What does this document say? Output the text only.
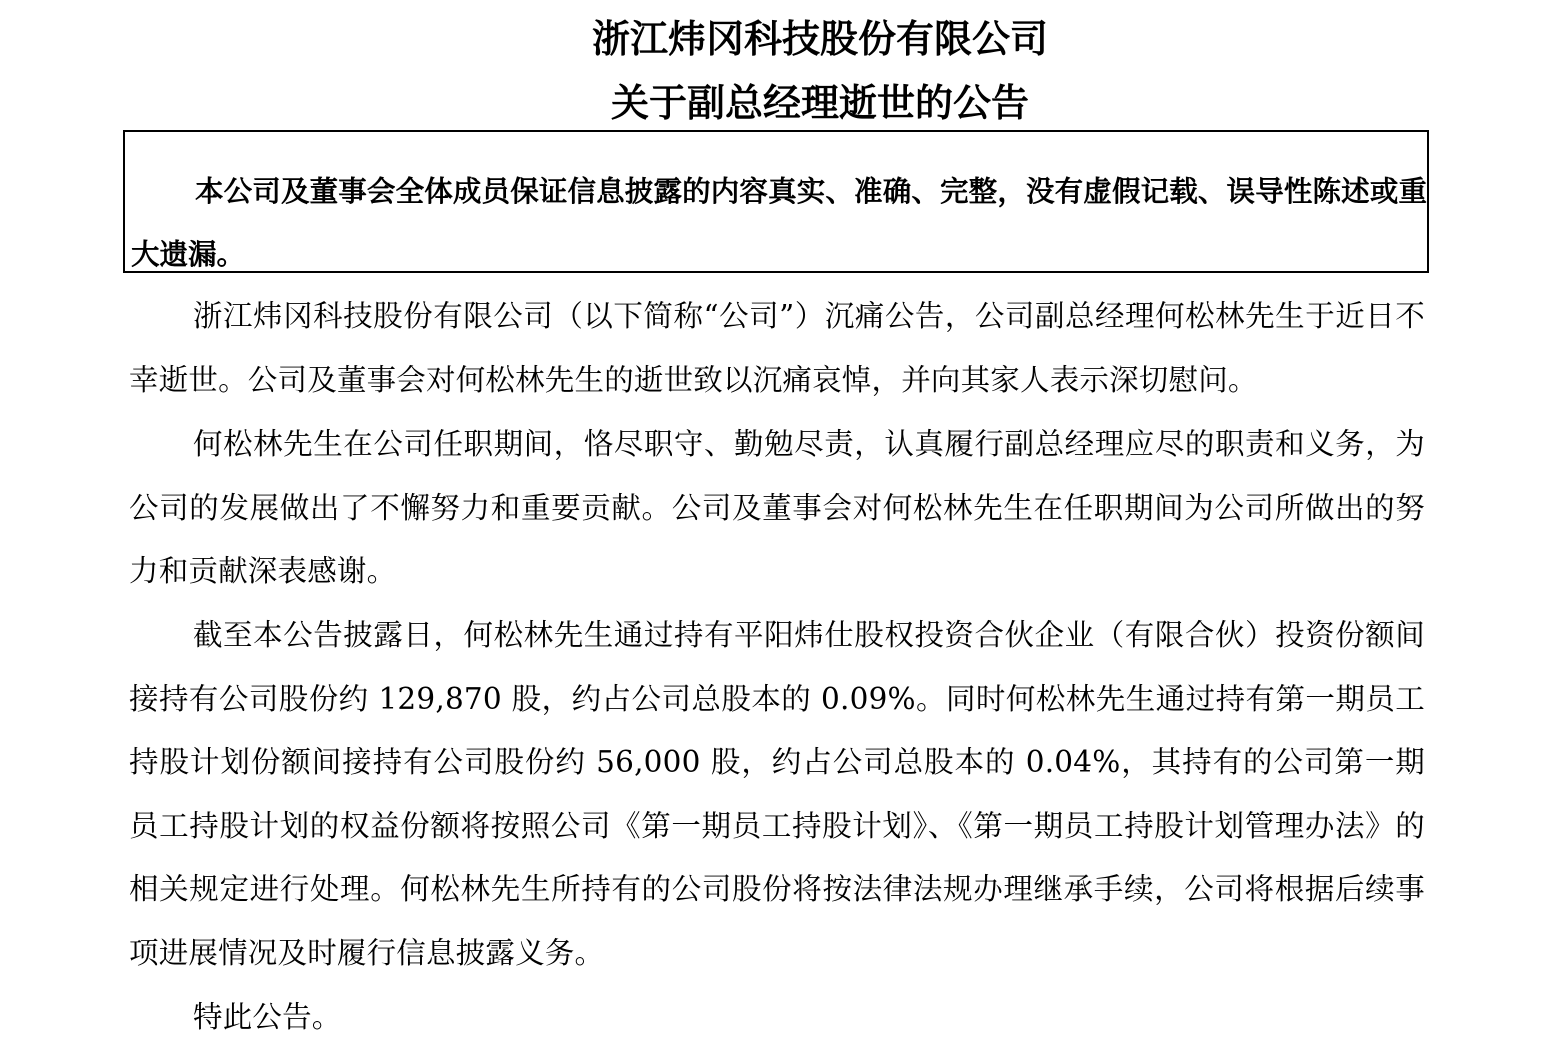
浙江炜冈科技股份有限公司
关于副总经理逝世的公告

本公司及董事会全体成员保证信息披露的内容真实、准确、完整，没有虚假记载、误导性陈述或重大遗漏。

浙江炜冈科技股份有限公司（以下简称“公司”）沉痛公告，公司副总经理何松林先生于近日不幸逝世。公司及董事会对何松林先生的逝世致以沉痛哀悼，并向其家人表示深切慰问。

何松林先生在公司任职期间，恪尽职守、勤勉尽责，认真履行副总经理应尽的职责和义务，为公司的发展做出了不懈努力和重要贡献。公司及董事会对何松林先生在任职期间为公司所做出的努力和贡献深表感谢。

截至本公告披露日，何松林先生通过持有平阳炜仕股权投资合伙企业（有限合伙）投资份额间接持有公司股份约 129,870 股，约占公司总股本的 0.09%。同时何松林先生通过持有第一期员工持股计划份额间接持有公司股份约 56,000 股，约占公司总股本的 0.04%，其持有的公司第一期员工持股计划的权益份额将按照公司《第一期员工持股计划》、《第一期员工持股计划管理办法》的相关规定进行处理。何松林先生所持有的公司股份将按法律法规办理继承手续，公司将根据后续事项进展情况及时履行信息披露义务。

特此公告。
